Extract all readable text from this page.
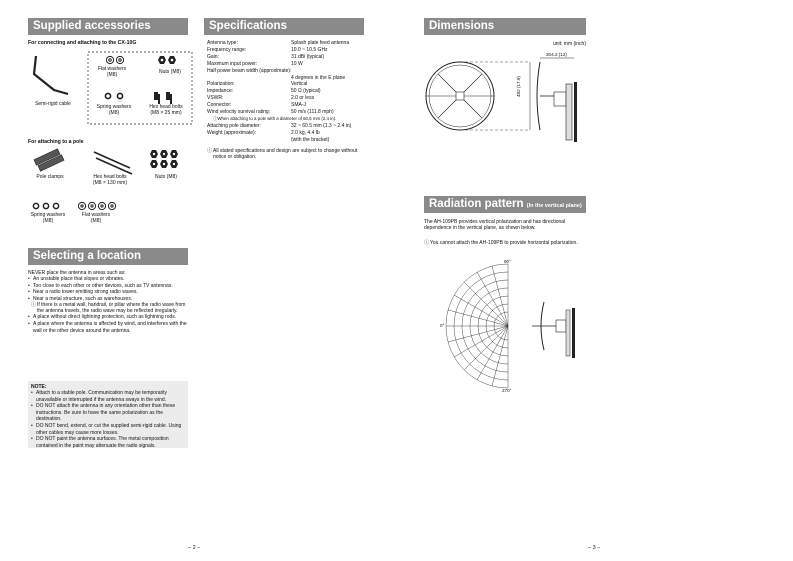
Supplied accessories
For connecting and attaching to the CX-10G
Flat washers
(M8)	Nuts (M8)
Semi-rigid cable	Spring washers
(M8)
Hex head bolts
(M8 × 25 mm)
For attaching to a pole
Pole clamps	Hex head bolts
(M8 × 130 mm)
Nuts (M8)
Spring washers
(M8)
Flat washers
(M8)
Selecting a location
NEVER place the antenna in areas such as:
• An unstable place that slopes or vibrates.
• Too close to each other or other devices, such as TV antennas.
• Near a radio tower emitting strong radio waves.
• Near a metal structure, such as warehouses.
ⓘ If there is a metal wall, handrail, or pillar where the radio wave from the antenna travels, the radio wave may be reflected irregularly.
• A place without direct lightning protection, such as lightning rods.
• A place where the antenna is affected by wind, and interferes with the wall or the other device around the antenna.
NOTE:
• Attach to a stable pole. Communication may be temporarily unavailable or interrupted if the antenna sways in the wind.
• DO NOT attach the antenna in any orientation other than these instructions. Be sure to have the same polarization as the destination.
• DO NOT bend, extend, or cut the supplied semi-rigid cable. Using other cables may cause more losses.
• DO NOT paint the antenna surfaces. The metal composition contained in the paint may attenuate the radio signals.
Specifications
Antenna type:	Splash plate feed antenna
Frequency range:	10.0 ~ 10.5 GHz
Gain:	31 dBi (typical)
Maximum input power:	10 W
Half power beam width (approximate):
4 degrees in the E plane
Polarization:	Vertical
Impedance:	50 Ω (typical)
VSWR:	2.0 or less
Connector:	SMA-J
Wind velocity survival rating:	50 m/s (111.8 mph)
ⓘ When attaching to a pole with a diameter of 60.5 mm (2.4 in).
Attaching pole diameter:	32 ~ 60.5 mm (1.3 ~ 2.4 in)
Weight (approximate):	2.0 kg, 4.4 lb
(with the bracket)
ⓘ All stated specifications and design are subject to change without notice or obligation.
– 2 –
Dimensions
unit: mm (inch)
304.2 (12)
482 (17.9)
Radiation pattern (In the vertical plane)
The AH-109PB provides vertical polarization and has directional dependence in the vertical plane, as shown below.
ⓘ You cannot attach the AH-109PB to provide horizontal polarization.
90°
0°
270°
– 3 –
